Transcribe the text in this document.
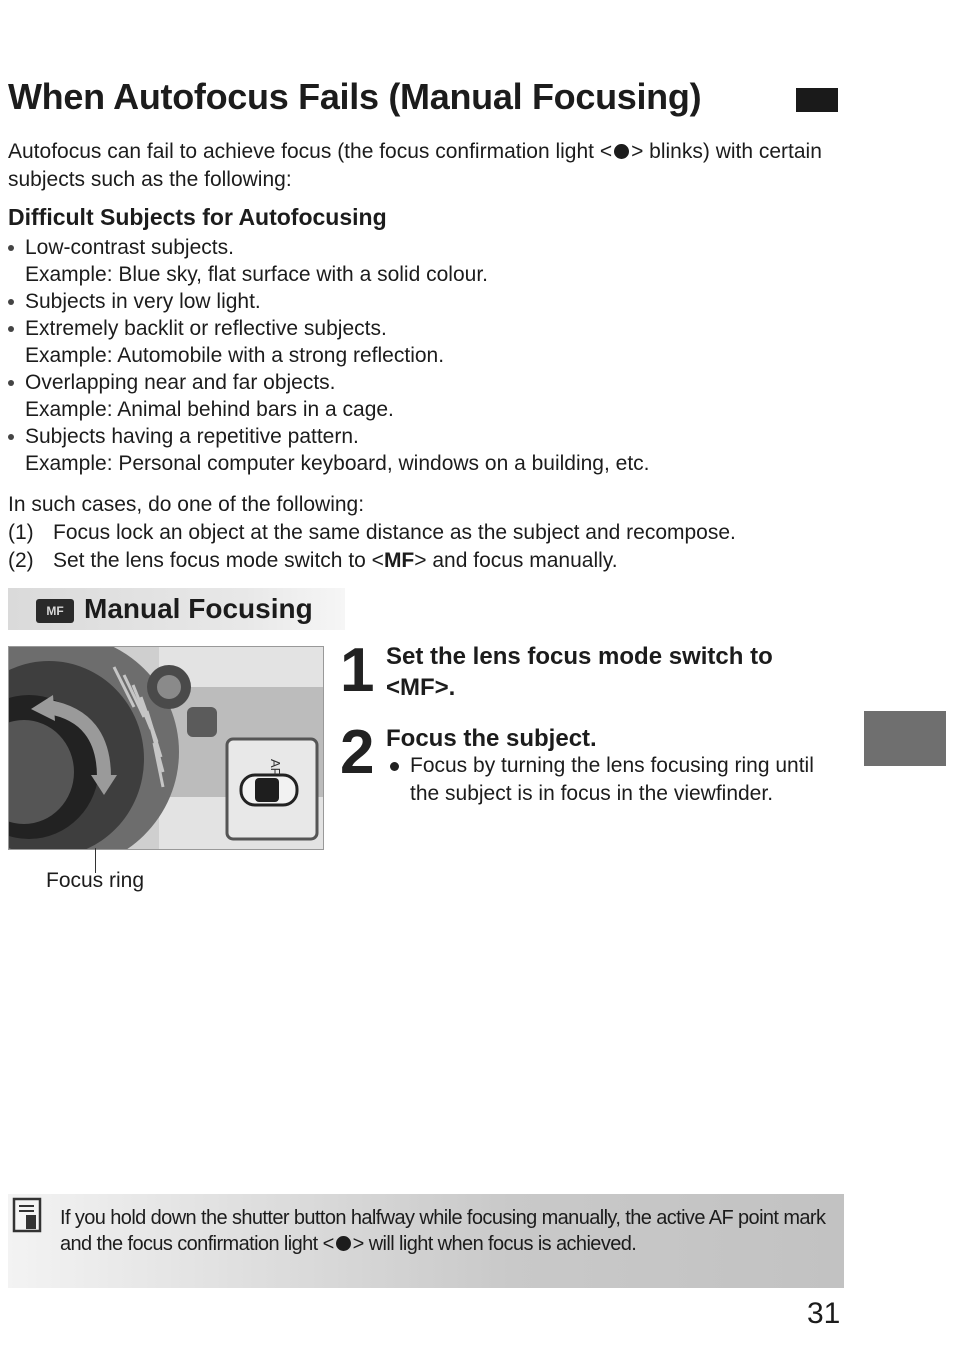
When Autofocus Fails (Manual Focusing)
Autofocus can fail to achieve focus (the focus confirmation light < > blinks) with certain subjects such as the following:
Difficult Subjects for Autofocusing
Low-contrast subjects.
Example: Blue sky, flat surface with a solid colour.
Subjects in very low light.
Extremely backlit or reflective subjects.
Example: Automobile with a strong reflection.
Overlapping near and far objects.
Example: Animal behind bars in a cage.
Subjects having a repetitive pattern.
Example: Personal computer keyboard, windows on a building, etc.
In such cases, do one of the following:
(1) Focus lock an object at the same distance as the subject and recompose.
(2) Set the lens focus mode switch to <MF> and focus manually.
MF Manual Focusing
AF
Focus ring
1 Set the lens focus mode switch to <MF>.
2 Focus the subject.
Focus by turning the lens focusing ring until the subject is in focus in the viewfinder.
If you hold down the shutter button halfway while focusing manually, the active AF point mark and the focus confirmation light < > will light when focus is achieved.
31
